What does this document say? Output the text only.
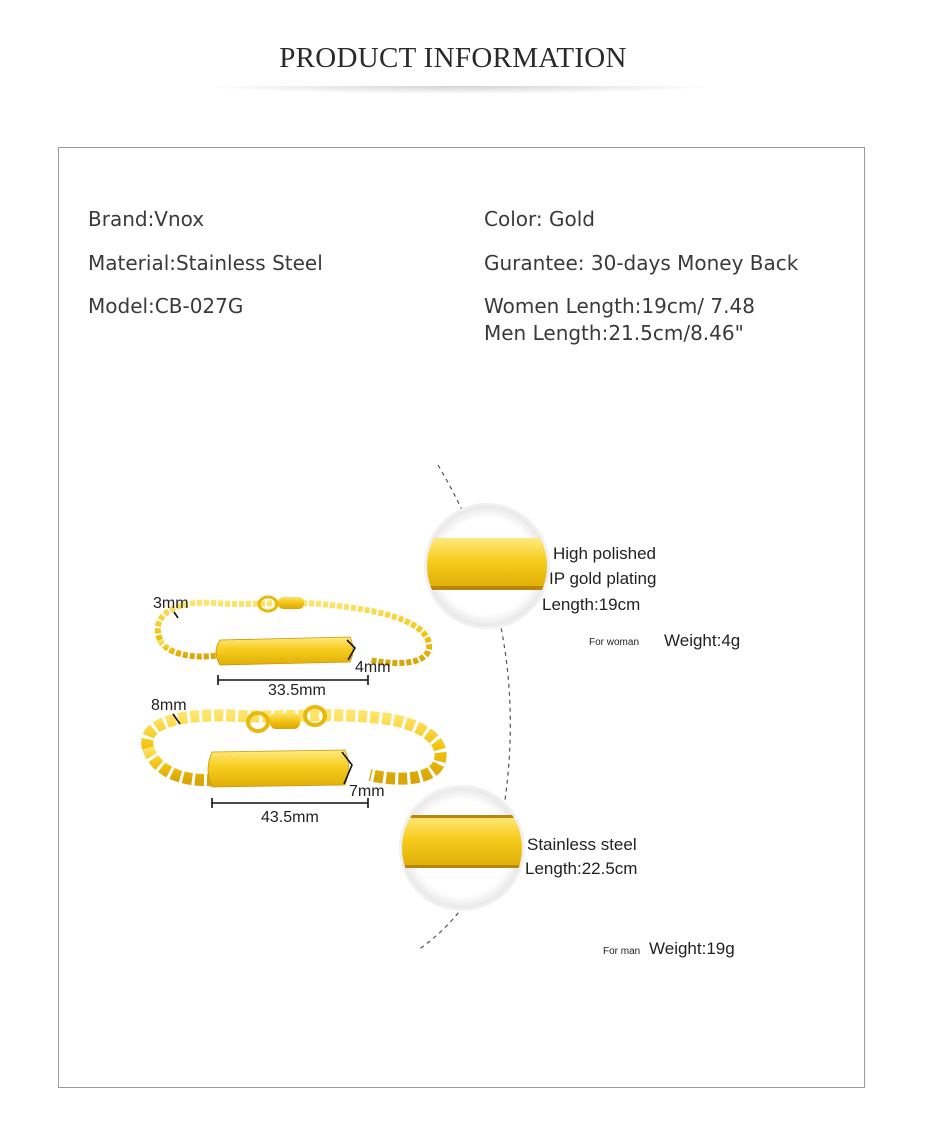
PRODUCT INFORMATION
Brand:Vnox
Material:Stainless Steel
Model:CB-027G
Color: Gold
Gurantee: 30-days Money Back
Women Length:19cm/ 7.48
Men Length:21.5cm/8.46"
3mm
4mm
33.5mm
High polished
IP gold plating
Length:19cm
For woman Weight:4g
8mm
7mm
43.5mm
Stainless steel
Length:22.5cm
For man Weight:19g
